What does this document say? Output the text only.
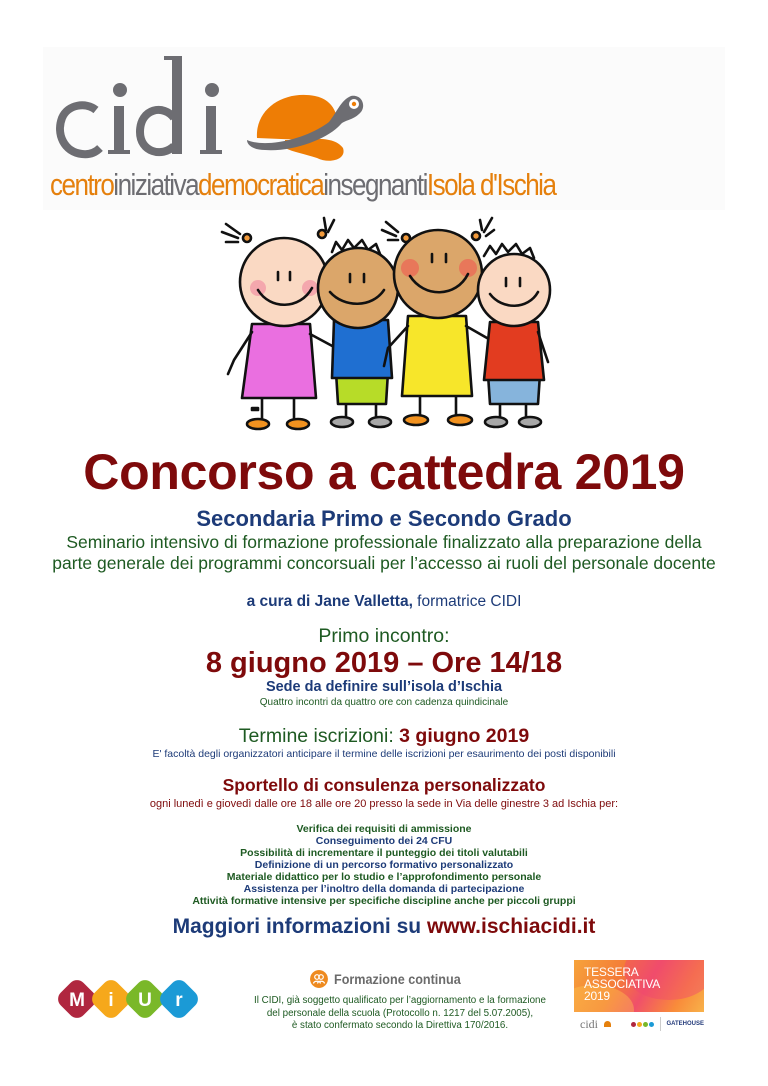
centroiniziativademocraticainsegnantiIsola d'Ischia
Concorso a cattedra 2019
Secondaria Primo e Secondo Grado
Seminario intensivo di formazione professionale finalizzato alla preparazione della
parte generale dei programmi concorsuali per l’accesso ai ruoli del personale docente
a cura di Jane Valletta, formatrice CIDI
Primo incontro:
8 giugno 2019 – Ore 14/18
Sede da definire sull’isola d’Ischia
Quattro incontri da quattro ore con cadenza quindicinale
Termine iscrizioni: 3 giugno 2019
E' facoltà degli organizzatori anticipare il termine delle iscrizioni per esaurimento dei posti disponibili
Sportello di consulenza personalizzato
ogni lunedì e giovedì dalle ore 18 alle ore 20 presso la sede in Via delle ginestre 3 ad Ischia per:
Verifica dei requisiti di ammissione
Conseguimento dei 24 CFU
Possibilità di incrementare il punteggio dei titoli valutabili
Definizione di un percorso formativo personalizzato
Materiale didattico per lo studio e l’approfondimento personale
Assistenza per l’inoltro della domanda di partecipazione
Attività formative intensive per specifiche discipline anche per piccoli gruppi
Maggiori informazioni su www.ischiacidi.it
M i U r
Formazione continua
Il CIDI, già soggetto qualificato per l’aggiornamento e la formazione
del personale della scuola (Protocollo n. 1217 del 5.07.2005),
è stato confermato secondo la Direttiva 170/2016.
TESSERA
ASSOCIATIVA
2019
cidi	GATEHOUSE
